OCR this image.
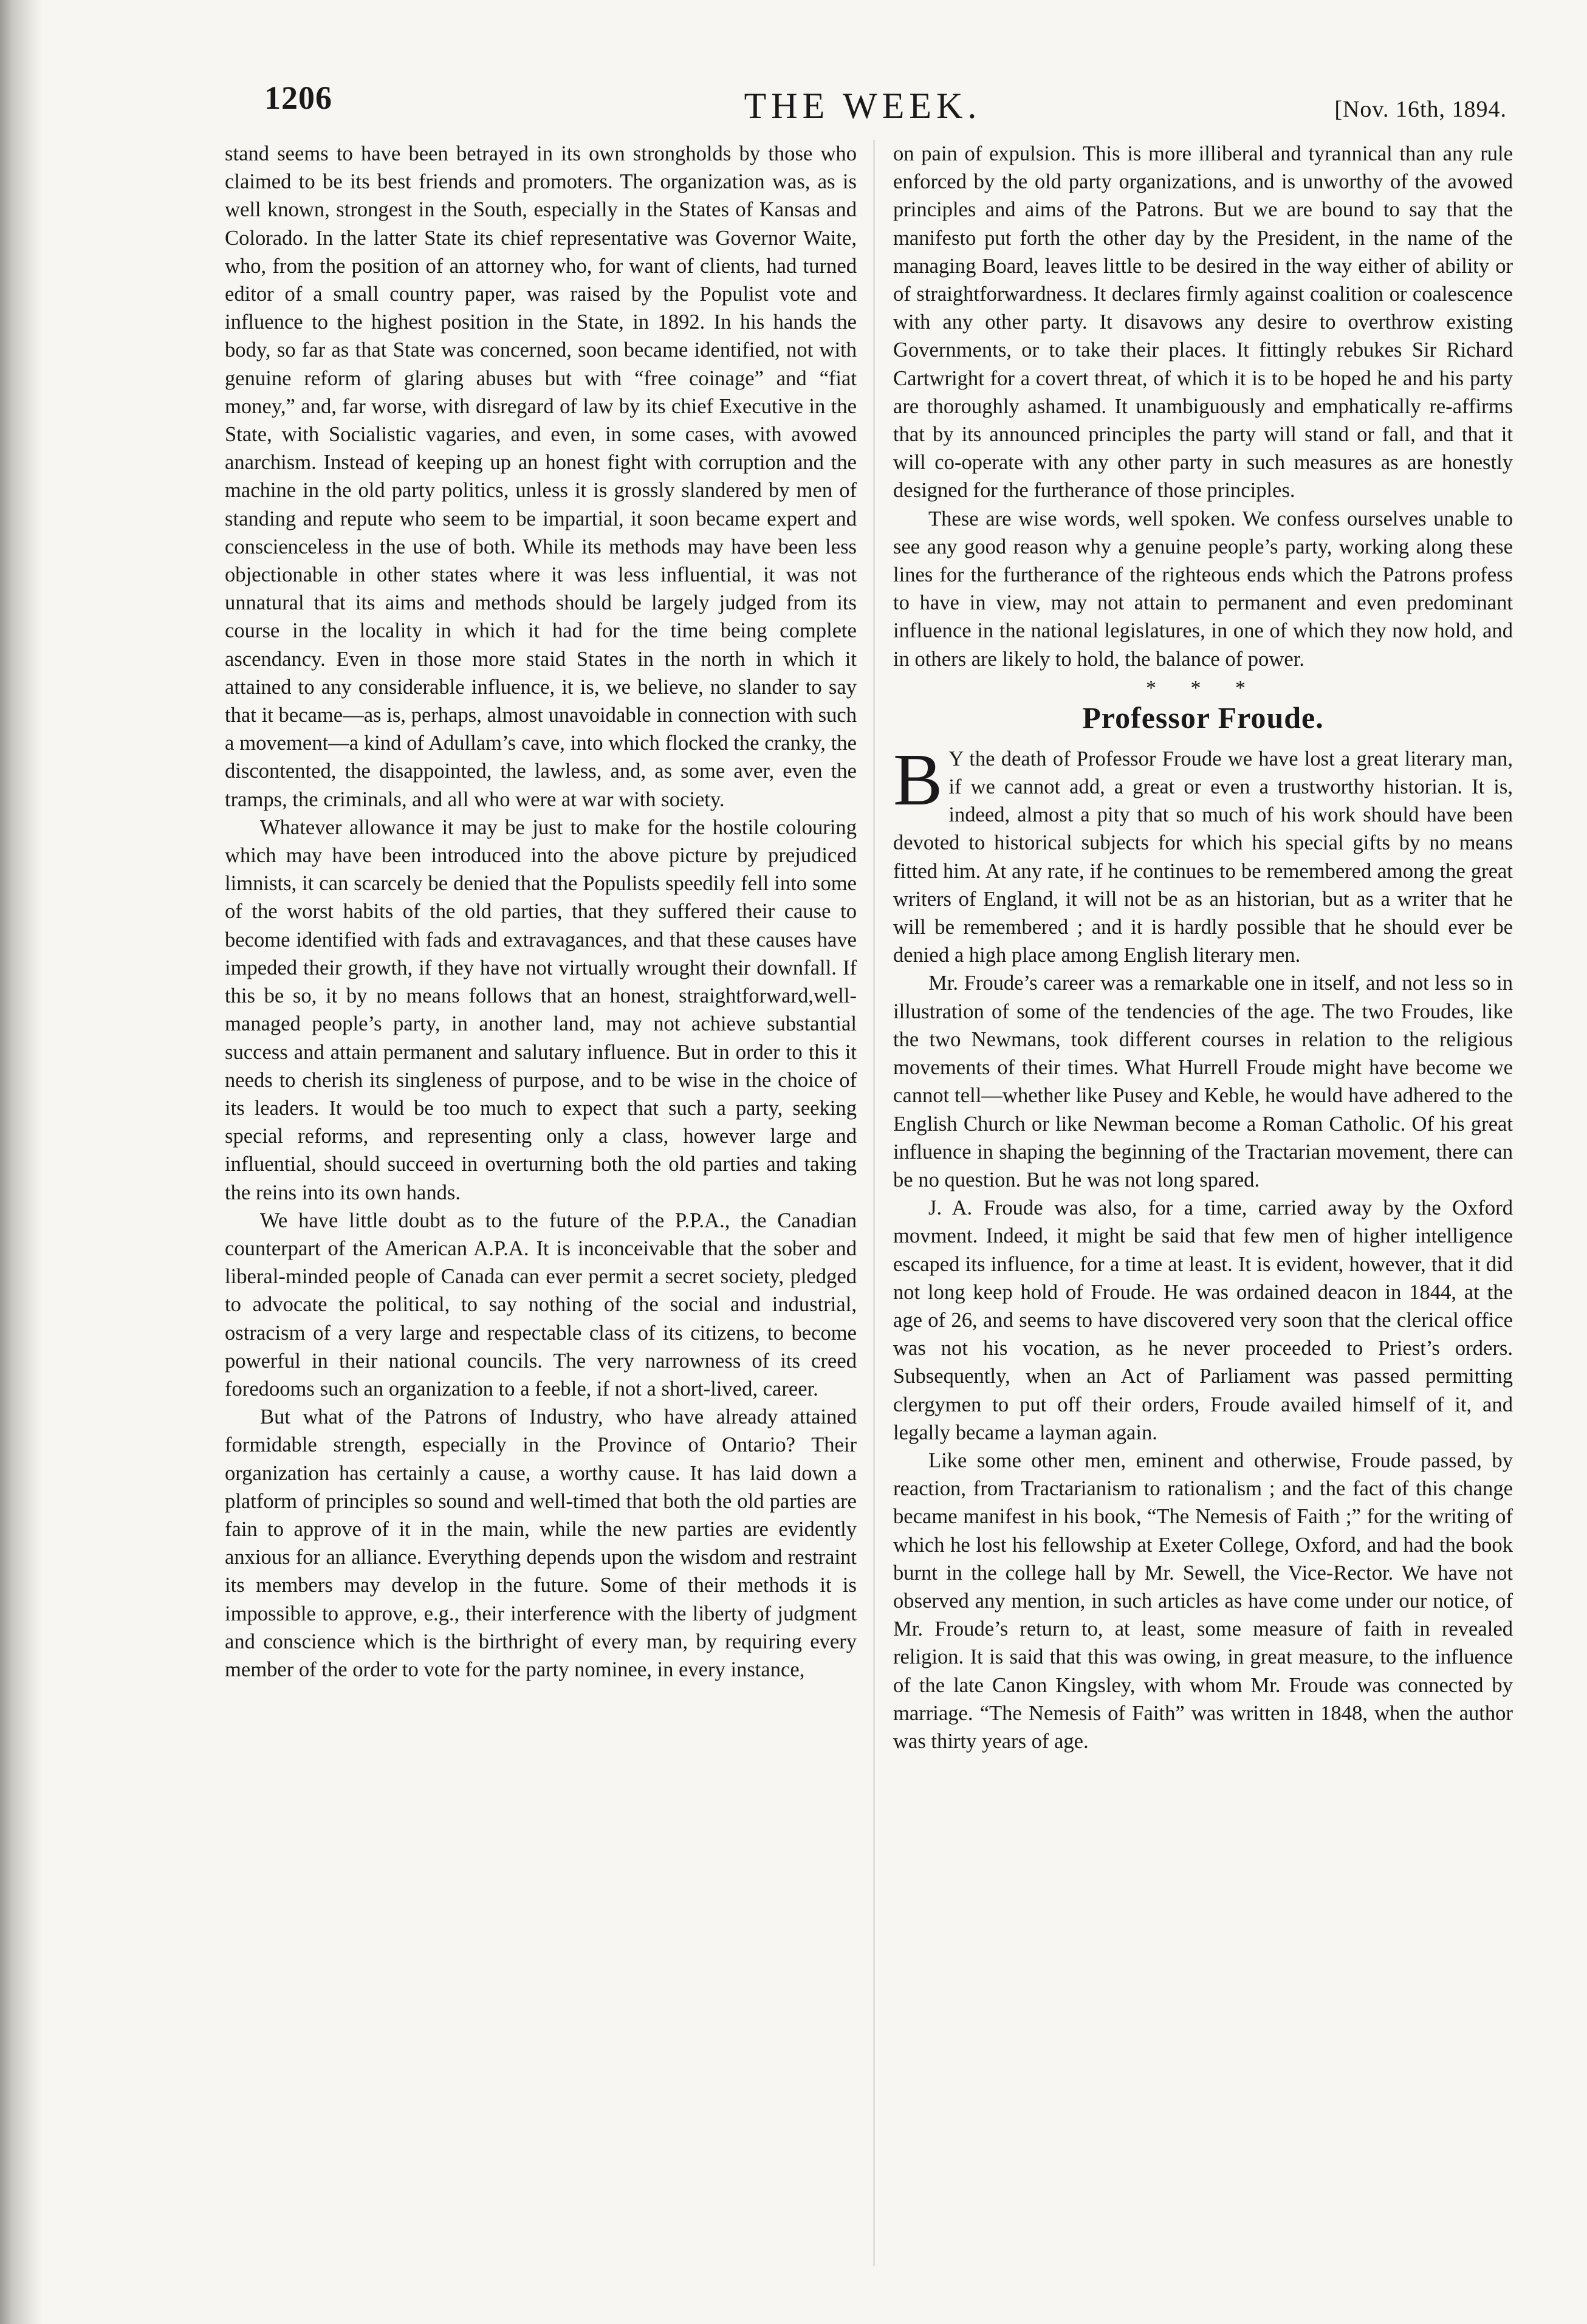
1206	THE WEEK.	[Nov. 16th, 1894.

stand seems to have been betrayed in its own strongholds by those who claimed to be its best friends and promoters. The organization was, as is well known, strongest in the South, especially in the States of Kansas and Colorado. In the latter State its chief representative was Governor Waite, who, from the position of an attorney who, for want of clients, had turned editor of a small country paper, was raised by the Populist vote and influence to the highest position in the State, in 1892. In his hands the body, so far as that State was concerned, soon became identified, not with genuine reform of glaring abuses but with “free coinage” and “fiat money,” and, far worse, with disregard of law by its chief Executive in the State, with Socialistic vagaries, and even, in some cases, with avowed anarchism. Instead of keeping up an honest fight with corruption and the machine in the old party politics, unless it is grossly slandered by men of standing and repute who seem to be impartial, it soon became expert and conscienceless in the use of both. While its methods may have been less objectionable in other states where it was less influential, it was not unnatural that its aims and methods should be largely judged from its course in the locality in which it had for the time being complete ascendancy. Even in those more staid States in the north in which it attained to any considerable influence, it is, we believe, no slander to say that it became—as is, perhaps, almost unavoidable in connection with such a movement—a kind of Adullam’s cave, into which flocked the cranky, the discontented, the disappointed, the lawless, and, as some aver, even the tramps, the criminals, and all who were at war with society.

Whatever allowance it may be just to make for the hostile colouring which may have been introduced into the above picture by prejudiced limnists, it can scarcely be denied that the Populists speedily fell into some of the worst habits of the old parties, that they suffered their cause to become identified with fads and extravagances, and that these causes have impeded their growth, if they have not virtually wrought their downfall. If this be so, it by no means follows that an honest, straightforward,well-managed people’s party, in another land, may not achieve substantial success and attain permanent and salutary influence. But in order to this it needs to cherish its singleness of purpose, and to be wise in the choice of its leaders. It would be too much to expect that such a party, seeking special reforms, and representing only a class, however large and influential, should succeed in overturning both the old parties and taking the reins into its own hands.

We have little doubt as to the future of the P.P.A., the Canadian counterpart of the American A.P.A. It is inconceivable that the sober and liberal-minded people of Canada can ever permit a secret society, pledged to advocate the political, to say nothing of the social and industrial, ostracism of a very large and respectable class of its citizens, to become powerful in their national councils. The very narrowness of its creed foredooms such an organization to a feeble, if not a short-lived, career.

But what of the Patrons of Industry, who have already attained formidable strength, especially in the Province of Ontario? Their organization has certainly a cause, a worthy cause. It has laid down a platform of principles so sound and well-timed that both the old parties are fain to approve of it in the main, while the new parties are evidently anxious for an alliance. Everything depends upon the wisdom and restraint its members may develop in the future. Some of their methods it is impossible to approve, e.g., their interference with the liberty of judgment and conscience which is the birthright of every man, by requiring every member of the order to vote for the party nominee, in every instance,

on pain of expulsion. This is more illiberal and tyrannical than any rule enforced by the old party organizations, and is unworthy of the avowed principles and aims of the Patrons. But we are bound to say that the manifesto put forth the other day by the President, in the name of the managing Board, leaves little to be desired in the way either of ability or of straightforwardness. It declares firmly against coalition or coalescence with any other party. It disavows any desire to overthrow existing Governments, or to take their places. It fittingly rebukes Sir Richard Cartwright for a covert threat, of which it is to be hoped he and his party are thoroughly ashamed. It unambiguously and emphatically re-affirms that by its announced principles the party will stand or fall, and that it will co-operate with any other party in such measures as are honestly designed for the furtherance of those principles.

These are wise words, well spoken. We confess ourselves unable to see any good reason why a genuine people’s party, working along these lines for the furtherance of the righteous ends which the Patrons profess to have in view, may not attain to permanent and even predominant influence in the national legislatures, in one of which they now hold, and in others are likely to hold, the balance of power.

* * *
Professor Froude.

B Y the death of Professor Froude we have lost a great literary man, if we cannot add, a great or even a trustworthy historian. It is, indeed, almost a pity that so much of his work should have been devoted to historical subjects for which his special gifts by no means fitted him. At any rate, if he continues to be remembered among the great writers of England, it will not be as an historian, but as a writer that he will be remembered ; and it is hardly possible that he should ever be denied a high place among English literary men.

Mr. Froude’s career was a remarkable one in itself, and not less so in illustration of some of the tendencies of the age. The two Froudes, like the two Newmans, took different courses in relation to the religious movements of their times. What Hurrell Froude might have become we cannot tell—whether like Pusey and Keble, he would have adhered to the English Church or like Newman become a Roman Catholic. Of his great influence in shaping the beginning of the Tractarian movement, there can be no question. But he was not long spared.

J. A. Froude was also, for a time, carried away by the Oxford movment. Indeed, it might be said that few men of higher intelligence escaped its influence, for a time at least. It is evident, however, that it did not long keep hold of Froude. He was ordained deacon in 1844, at the age of 26, and seems to have discovered very soon that the clerical office was not his vocation, as he never proceeded to Priest’s orders. Subsequently, when an Act of Parliament was passed permitting clergymen to put off their orders, Froude availed himself of it, and legally became a layman again.

Like some other men, eminent and otherwise, Froude passed, by reaction, from Tractarianism to rationalism ; and the fact of this change became manifest in his book, “The Nemesis of Faith ;” for the writing of which he lost his fellowship at Exeter College, Oxford, and had the book burnt in the college hall by Mr. Sewell, the Vice-Rector. We have not observed any mention, in such articles as have come under our notice, of Mr. Froude’s return to, at least, some measure of faith in revealed religion. It is said that this was owing, in great measure, to the influence of the late Canon Kingsley, with whom Mr. Froude was connected by marriage. “The Nemesis of Faith” was written in 1848, when the author was thirty years of age.
